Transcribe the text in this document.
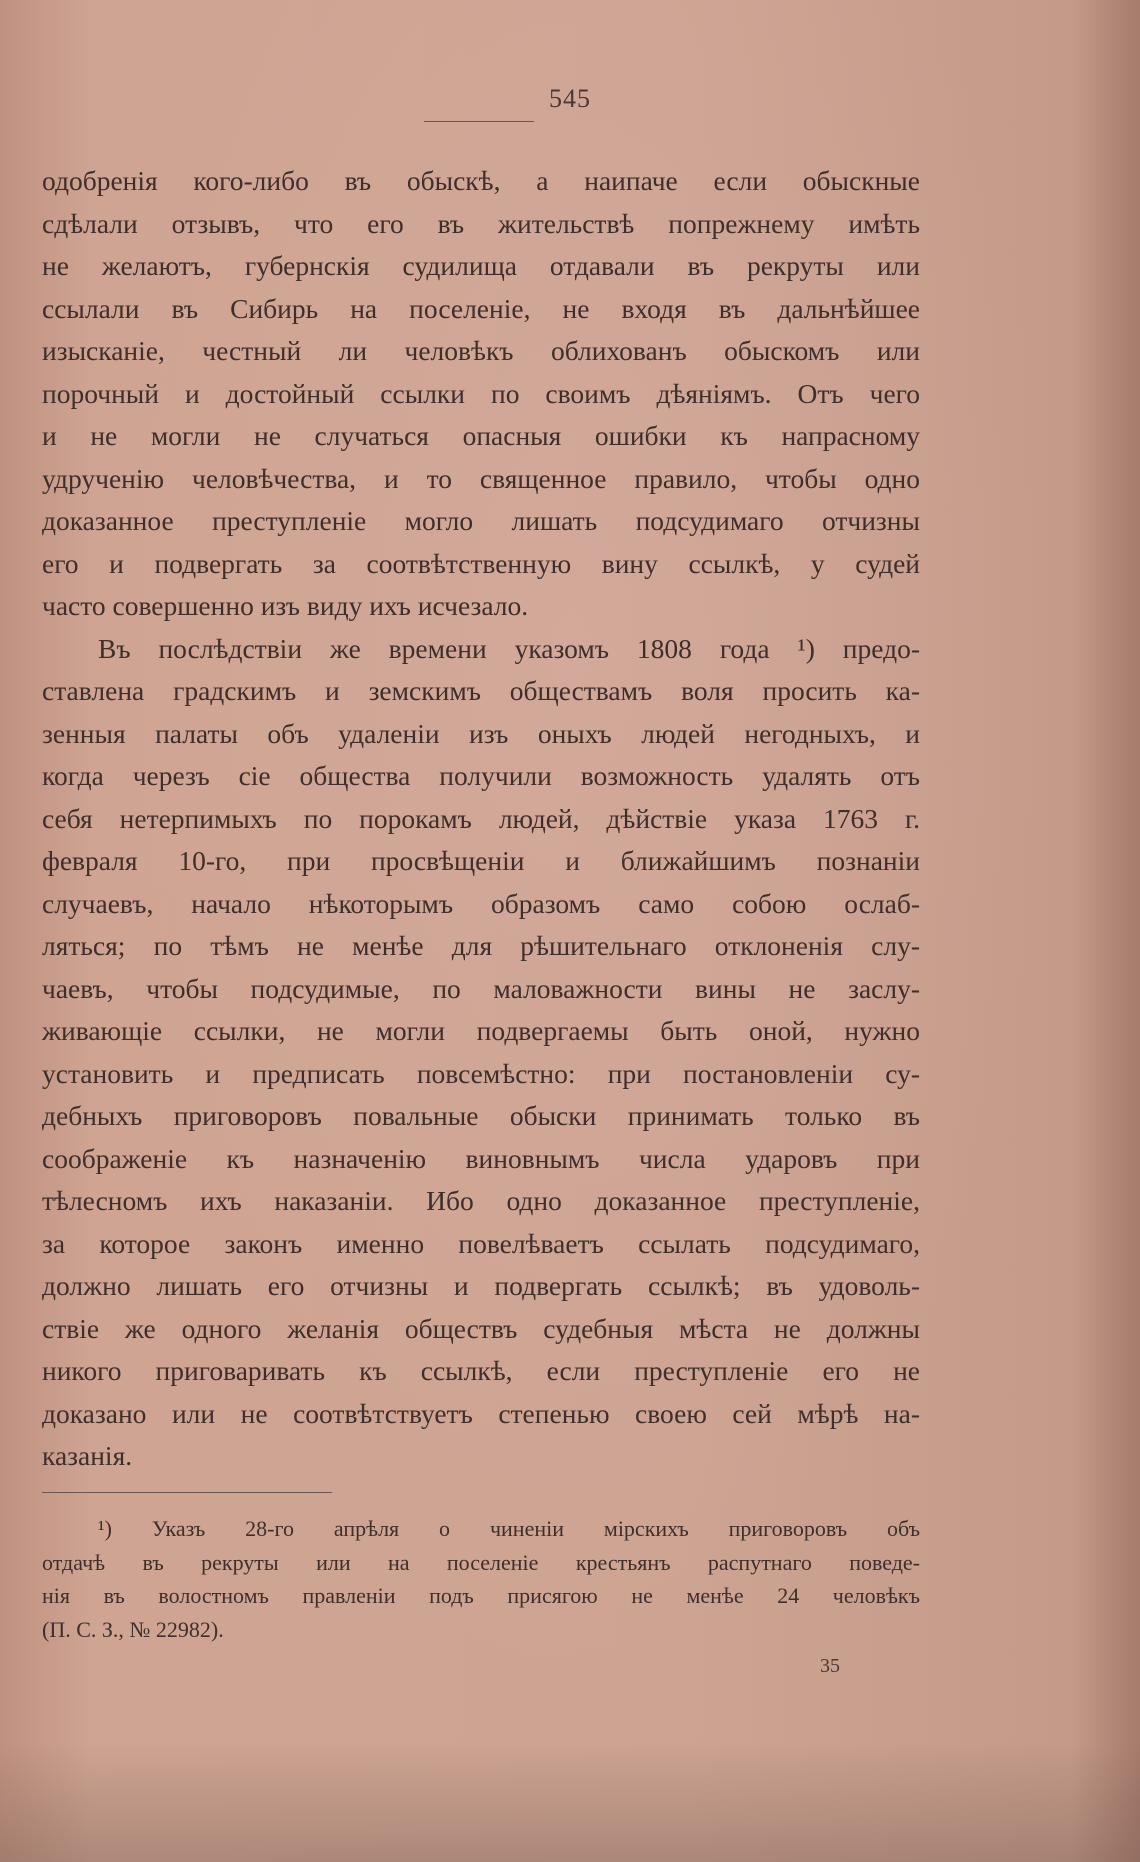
545
одобренія кого-либо въ обыскѣ, а наипаче если обыскные
сдѣлали отзывъ, что его въ жительствѣ попрежнему имѣть
не желаютъ, губернскія судилища отдавали въ рекруты или
ссылали въ Сибирь на поселеніе, не входя въ дальнѣйшее
изысканіе, честный ли человѣкъ облихованъ обыскомъ или
порочный и достойный ссылки по своимъ дѣяніямъ. Отъ чего
и не могли не случаться опасныя ошибки къ напрасному
удрученію человѣчества, и то священное правило, чтобы одно
доказанное преступленіе могло лишать подсудимаго отчизны
его и подвергать за соотвѣтственную вину ссылкѣ, у судей
часто совершенно изъ виду ихъ исчезало.
Въ послѣдствіи же времени указомъ 1808 года ¹) предо-
ставлена градскимъ и земскимъ обществамъ воля просить ка-
зенныя палаты объ удаленіи изъ оныхъ людей негодныхъ, и
когда черезъ сіе общества получили возможность удалять отъ
себя нетерпимыхъ по порокамъ людей, дѣйствіе указа 1763 г.
февраля 10-го, при просвѣщеніи и ближайшимъ познаніи
случаевъ, начало нѣкоторымъ образомъ само собою ослаб-
ляться; по тѣмъ не менѣе для рѣшительнаго отклоненія слу-
чаевъ, чтобы подсудимые, по маловажности вины не заслу-
живающіе ссылки, не могли подвергаемы быть оной, нужно
установить и предписать повсемѣстно: при постановленіи су-
дебныхъ приговоровъ повальные обыски принимать только въ
соображеніе къ назначенію виновнымъ числа ударовъ при
тѣлесномъ ихъ наказаніи. Ибо одно доказанное преступленіе,
за которое законъ именно повелѣваетъ ссылать подсудимаго,
должно лишать его отчизны и подвергать ссылкѣ; въ удоволь-
ствіе же одного желанія обществъ судебныя мѣста не должны
никого приговаривать къ ссылкѣ, если преступленіе его не
доказано или не соотвѣтствуетъ степенью своею сей мѣрѣ на-
казанія.
¹) Указъ 28-го апрѣля о чиненіи мірскихъ приговоровъ объ
отдачѣ въ рекруты или на поселеніе крестьянъ распутнаго поведе-
нія въ волостномъ правленіи подъ присягою не менѣе 24 человѣкъ
(П. С. З., № 22982).
35
